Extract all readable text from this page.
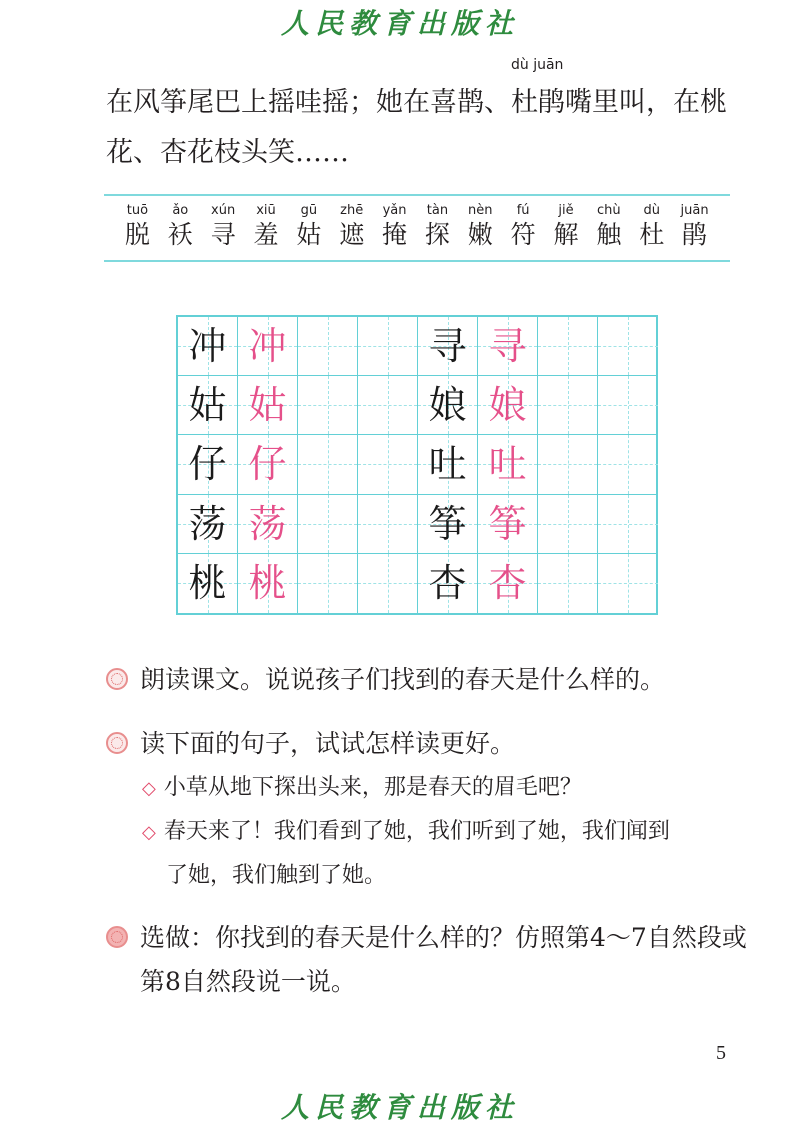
人民教育出版社
在风筝尾巴上摇哇摇；她在喜鹊、
dù juān
杜鹃嘴里叫，在桃
花、杏花枝头笑……
tuō
脱
ǎo
袄
xún
寻
xiū
羞
gū
姑
zhē
遮
yǎn
掩
tàn
探
nèn
嫩
fú
符
jiě
解
chù
触
dù
杜
juān
鹃
冲 冲	寻 寻
姑 姑	娘 娘
仔 仔	吐 吐
荡 荡	筝 筝
桃 桃	杏 杏
朗读课文。说说孩子们找到的春天是什么样的。
读下面的句子，试试怎样读更好。
◇ 小草从地下探出头来，那是春天的眉毛吧？
◇ 春天来了！我们看到了她，我们听到了她，我们闻到
了她，我们触到了她。
选做：你找到的春天是什么样的？仿照第4～7自然段或
第8自然段说一说。
5
人民教育出版社
